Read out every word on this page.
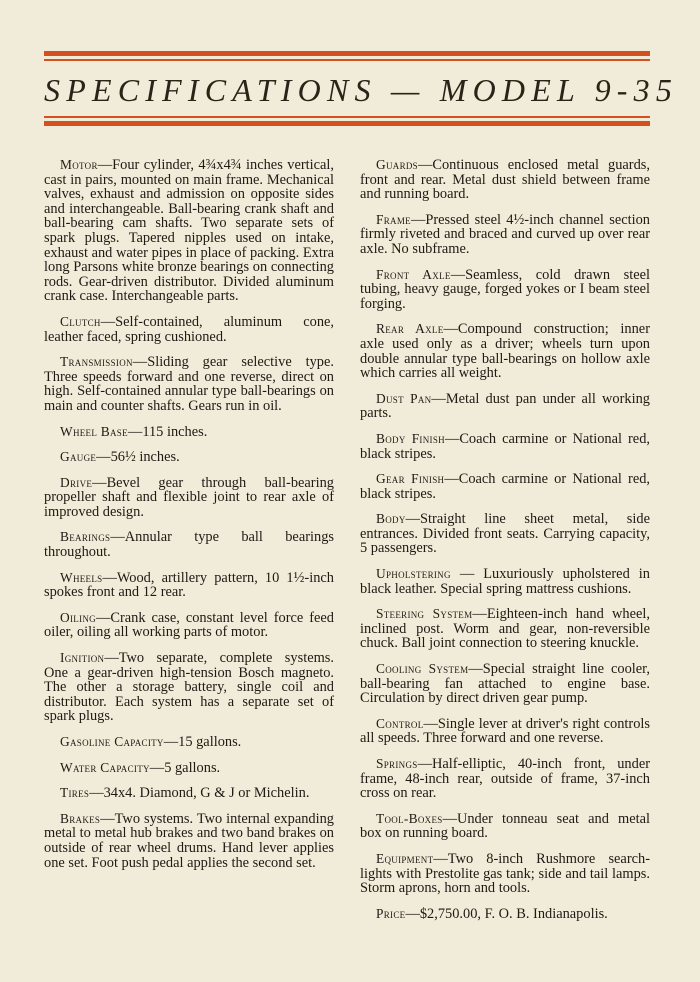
SPECIFICATIONS — MODEL 9-35

Motor—Four cylinder, 4¾x4¾ inches vertical, cast in pairs, mounted on main frame. Mechanical valves, exhaust and admission on opposite sides and interchangeable. Ball-bearing crank shaft and ball-bearing cam shafts. Two separate sets of spark plugs. Tapered nipples used on intake, exhaust and water pipes in place of packing. Extra long Parsons white bronze bearings on connecting rods. Gear-driven distributor. Divided aluminum crank case. Interchangeable parts.

Clutch—Self-contained, aluminum cone, leather faced, spring cushioned.

Transmission—Sliding gear selective type. Three speeds forward and one reverse, direct on high. Self-contained annular type ball-bearings on main and counter shafts. Gears run in oil.

Wheel Base—115 inches.

Gauge—56½ inches.

Drive—Bevel gear through ball-bearing propeller shaft and flexible joint to rear axle of improved design.

Bearings—Annular type ball bearings throughout.

Wheels—Wood, artillery pattern, 10 1½-inch spokes front and 12 rear.

Oiling—Crank case, constant level force feed oiler, oiling all working parts of motor.

Ignition—Two separate, complete systems. One a gear-driven high-tension Bosch magneto. The other a storage battery, single coil and distributor. Each system has a separate set of spark plugs.

Gasoline Capacity—15 gallons.

Water Capacity—5 gallons.

Tires—34x4. Diamond, G & J or Michelin.

Brakes—Two systems. Two internal expanding metal to metal hub brakes and two band brakes on outside of rear wheel drums. Hand lever applies one set. Foot push pedal applies the second set.

Guards—Continuous enclosed metal guards, front and rear. Metal dust shield between frame and running board.

Frame—Pressed steel 4½-inch channel section firmly riveted and braced and curved up over rear axle. No subframe.

Front Axle—Seamless, cold drawn steel tubing, heavy gauge, forged yokes or I beam steel forging.

Rear Axle—Compound construction; inner axle used only as a driver; wheels turn upon double annular type ball-bearings on hollow axle which carries all weight.

Dust Pan—Metal dust pan under all working parts.

Body Finish—Coach carmine or National red, black stripes.

Gear Finish—Coach carmine or National red, black stripes.

Body—Straight line sheet metal, side entrances. Divided front seats. Carrying capacity, 5 passengers.

Upholstering — Luxuriously upholstered in black leather. Special spring mattress cushions.

Steering System—Eighteen-inch hand wheel, inclined post. Worm and gear, non-reversible chuck. Ball joint connection to steering knuckle.

Cooling System—Special straight line cooler, ball-bearing fan attached to engine base. Circulation by direct driven gear pump.

Control—Single lever at driver's right controls all speeds. Three forward and one reverse.

Springs—Half-elliptic, 40-inch front, under frame, 48-inch rear, outside of frame, 37-inch cross on rear.

Tool-Boxes—Under tonneau seat and metal box on running board.

Equipment—Two 8-inch Rushmore search-lights with Prestolite gas tank; side and tail lamps. Storm aprons, horn and tools.

Price—$2,750.00, F. O. B. Indianapolis.
